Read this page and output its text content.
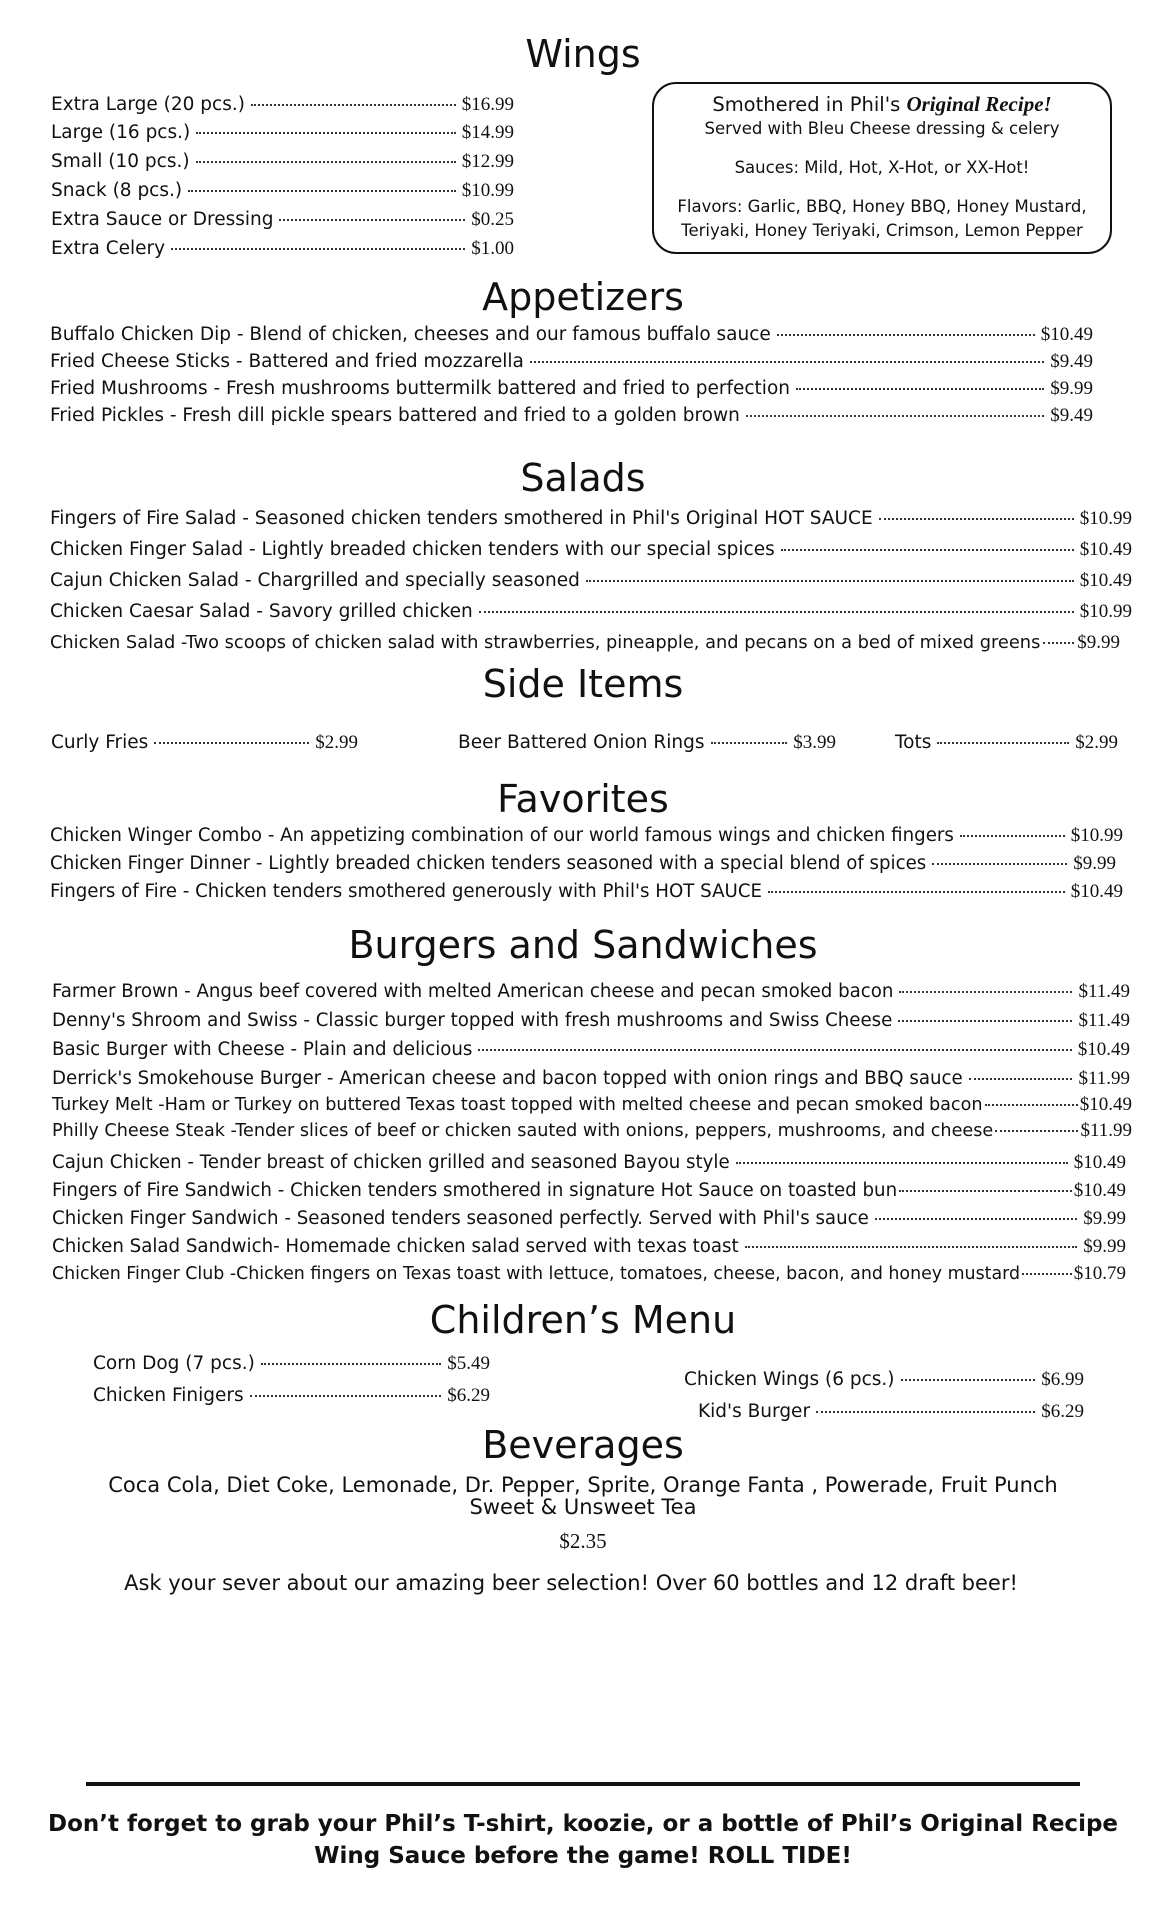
Wings
Extra Large (20 pcs.)	$16.99
Large (16 pcs.)	$14.99
Small (10 pcs.)	$12.99
Snack (8 pcs.)	$10.99
Extra Sauce or Dressing	$0.25
Extra Celery	$1.00
Smothered in Phil's Original Recipe!
Served with Bleu Cheese dressing & celery
Sauces: Mild, Hot, X-Hot, or XX-Hot!
Flavors: Garlic, BBQ, Honey BBQ, Honey Mustard,
Teriyaki, Honey Teriyaki, Crimson, Lemon Pepper
Appetizers
Buffalo Chicken Dip - Blend of chicken, cheeses and our famous buffalo sauce	$10.49
Fried Cheese Sticks - Battered and fried mozzarella	$9.49
Fried Mushrooms - Fresh mushrooms buttermilk battered and fried to perfection	$9.99
Fried Pickles - Fresh dill pickle spears battered and fried to a golden brown	$9.49
Salads
Fingers of Fire Salad - Seasoned chicken tenders smothered in Phil's Original HOT SAUCE	$10.99
Chicken Finger Salad - Lightly breaded chicken tenders with our special spices	$10.49
Cajun Chicken Salad - Chargrilled and specially seasoned	$10.49
Chicken Caesar Salad - Savory grilled chicken	$10.99
Chicken Salad -Two scoops of chicken salad with strawberries, pineapple, and pecans on a bed of mixed greens $9.99
Side Items
Curly Fries	$2.99	Beer Battered Onion Rings	$3.99	Tots	$2.99
Favorites
Chicken Winger Combo - An appetizing combination of our world famous wings and chicken fingers	$10.99
Chicken Finger Dinner - Lightly breaded chicken tenders seasoned with a special blend of spices	$9.99
Fingers of Fire - Chicken tenders smothered generously with Phil's HOT SAUCE	$10.49
Burgers and Sandwiches
Farmer Brown - Angus beef covered with melted American cheese and pecan smoked bacon	$11.49
Denny's Shroom and Swiss - Classic burger topped with fresh mushrooms and Swiss Cheese	$11.49
Basic Burger with Cheese - Plain and delicious	$10.49
Derrick's Smokehouse Burger - American cheese and bacon topped with onion rings and BBQ sauce	$11.99
Turkey Melt -Ham or Turkey on buttered Texas toast topped with melted cheese and pecan smoked bacon	$10.49
Philly Cheese Steak -Tender slices of beef or chicken sauted with onions, peppers, mushrooms, and cheese	$11.99
Cajun Chicken - Tender breast of chicken grilled and seasoned Bayou style	$10.49
Fingers of Fire Sandwich - Chicken tenders smothered in signature Hot Sauce on toasted bun	$10.49
Chicken Finger Sandwich - Seasoned tenders seasoned perfectly. Served with Phil's sauce	$9.99
Chicken Salad Sandwich- Homemade chicken salad served with texas toast	$9.99
Chicken Finger Club -Chicken fingers on Texas toast with lettuce, tomatoes, cheese, bacon, and honey mustard	$10.79
Children’s Menu
Corn Dog (7 pcs.)	$5.49
Chicken Finigers	$6.29
Chicken Wings (6 pcs.)	$6.99
Kid's Burger	$6.29
Beverages
Coca Cola, Diet Coke, Lemonade, Dr. Pepper, Sprite, Orange Fanta , Powerade, Fruit Punch
Sweet & Unsweet Tea
$2.35
Ask your sever about our amazing beer selection! Over 60 bottles and 12 draft beer!
Don’t forget to grab your Phil’s T-shirt, koozie, or a bottle of Phil’s Original Recipe
Wing Sauce before the game! ROLL TIDE!
